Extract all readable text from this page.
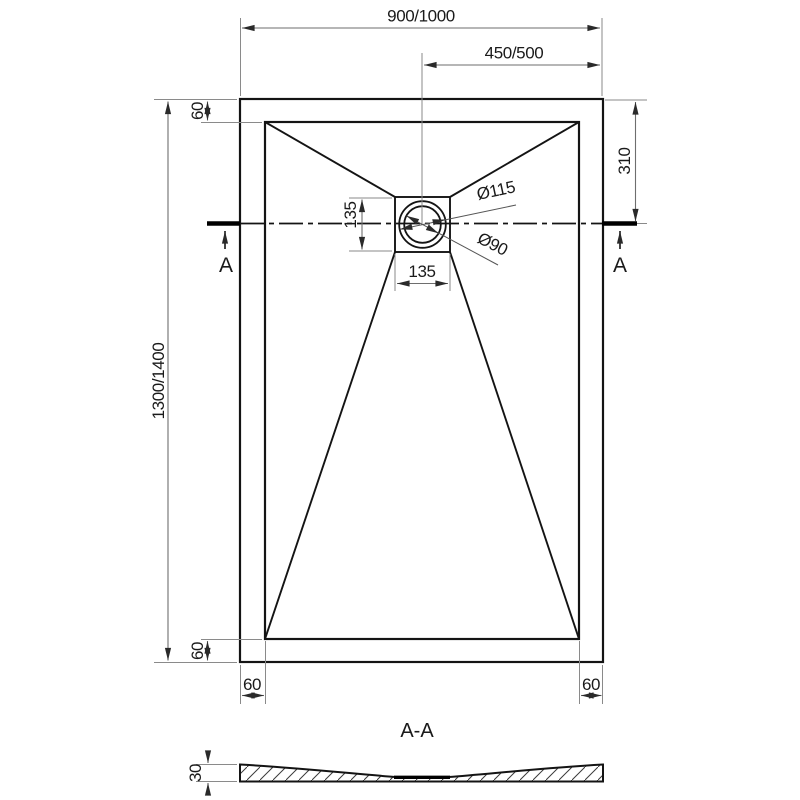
A	A
900/1000
450/500
1300/1400
60
310
135
135
60
60	60
Ø115
Ø90
A-A
30
